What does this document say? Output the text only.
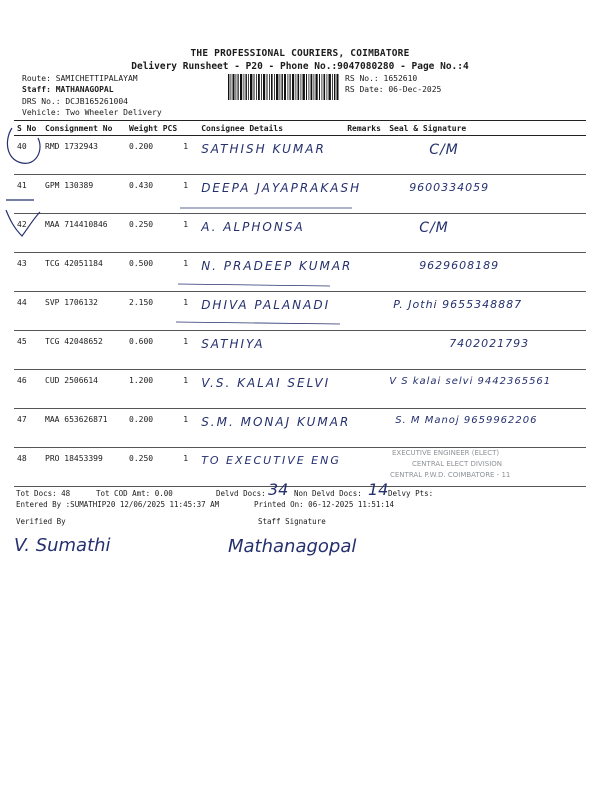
THE PROFESSIONAL COURIERS, COIMBATORE
Delivery Runsheet - P20 - Phone No.:9047080280 - Page No.:4
Route: SAMICHETTIPALAYAM
Staff: MATHANAGOPAL
DRS No.: DCJB165261004
Vehicle: Two Wheeler Delivery
RS No.: 1652610
RS Date: 06-Dec-2025
S No	Consignment No	Weight PCS		Consignee Details	Remarks	Seal & Signature
40	RMD 1732943	0.200	1	SATHISH KUMAR		C/M
41	GPM 130389	0.430	1	DEEPA JAYAPRAKASH		9600334059
42	MAA 714410846	0.250	1	A. ALPHONSA		C/M
43	TCG 42051184	0.500	1	N. PRADEEP KUMAR		9629608189
44	SVP 1706132	2.150	1	DHIVA PALANADI		P. Jothi 9655348887
45	TCG 42048652	0.600	1	SATHIYA		7402021793
46	CUD 2506614	1.200	1	V.S. KALAI SELVI		V S kalai selvi 9442365561
47	MAA 653626871	0.200	1	S.M. MONAJ KUMAR		S. M Manoj 9659962206
48	PRO 18453399	0.250	1	TO EXECUTIVE ENG		
EXECUTIVE ENGINEER (ELECT)
CENTRAL ELECT DIVISION
CENTRAL P.W.D. COIMBATORE - 11
Tot Docs: 48	Tot COD Amt: 0.00	Delvd Docs: 34 Non Delvd Docs: 14 Delvy Pts:
Entered By :SUMATHIP20 12/06/2025 11:45:37 AM	Printed On: 06-12-2025 11:51:14
Verified By	Staff Signature
V. Sumathi	Mathanagopal
